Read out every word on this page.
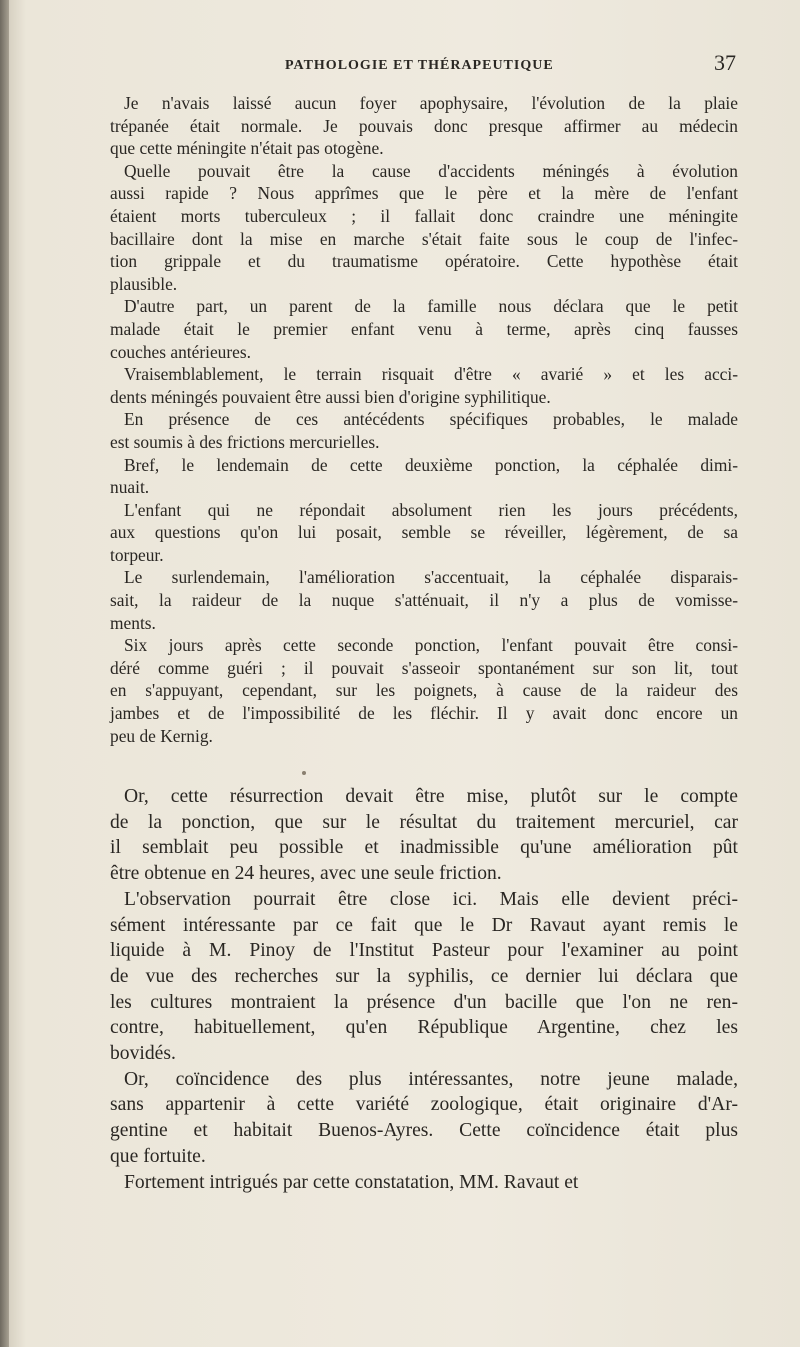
PATHOLOGIE ET THÉRAPEUTIQUE	37

Je n'avais laissé aucun foyer apophysaire, l'évolution de la plaie
trépanée était normale. Je pouvais donc presque affirmer au médecin
que cette méningite n'était pas otogène.

Quelle pouvait être la cause d'accidents méningés à évolution
aussi rapide ? Nous apprîmes que le père et la mère de l'enfant
étaient morts tuberculeux ; il fallait donc craindre une méningite
bacillaire dont la mise en marche s'était faite sous le coup de l'infec-
tion grippale et du traumatisme opératoire. Cette hypothèse était
plausible.

D'autre part, un parent de la famille nous déclara que le petit
malade était le premier enfant venu à terme, après cinq fausses
couches antérieures.

Vraisemblablement, le terrain risquait d'être « avarié » et les acci-
dents méningés pouvaient être aussi bien d'origine syphilitique.

En présence de ces antécédents spécifiques probables, le malade
est soumis à des frictions mercurielles.

Bref, le lendemain de cette deuxième ponction, la céphalée dimi-
nuait.

L'enfant qui ne répondait absolument rien les jours précédents,
aux questions qu'on lui posait, semble se réveiller, légèrement, de sa
torpeur.

Le surlendemain, l'amélioration s'accentuait, la céphalée disparais-
sait, la raideur de la nuque s'atténuait, il n'y a plus de vomisse-
ments.

Six jours après cette seconde ponction, l'enfant pouvait être consi-
déré comme guéri ; il pouvait s'asseoir spontanément sur son lit, tout
en s'appuyant, cependant, sur les poignets, à cause de la raideur des
jambes et de l'impossibilité de les fléchir. Il y avait donc encore un
peu de Kernig.

Or, cette résurrection devait être mise, plutôt sur le compte
de la ponction, que sur le résultat du traitement mercuriel, car
il semblait peu possible et inadmissible qu'une amélioration pût
être obtenue en 24 heures, avec une seule friction.

L'observation pourrait être close ici. Mais elle devient préci-
sément intéressante par ce fait que le Dr Ravaut ayant remis le
liquide à M. Pinoy de l'Institut Pasteur pour l'examiner au point
de vue des recherches sur la syphilis, ce dernier lui déclara que
les cultures montraient la présence d'un bacille que l'on ne ren-
contre, habituellement, qu'en République Argentine, chez les
bovidés.

Or, coïncidence des plus intéressantes, notre jeune malade,
sans appartenir à cette variété zoologique, était originaire d'Ar-
gentine et habitait Buenos-Ayres. Cette coïncidence était plus
que fortuite.

Fortement intrigués par cette constatation, MM. Ravaut et
